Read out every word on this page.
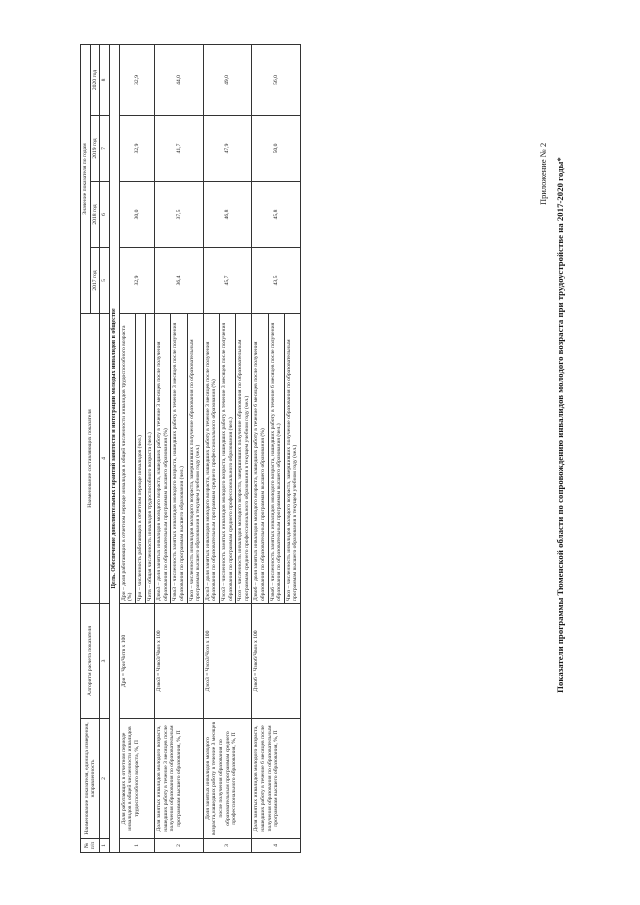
Приложение № 2 Показатели программы Тюменской области по сопровождению инвалидов молодого возраста при трудоустройстве на 2017-2020 годы*
№ п/п	Наименование показателя, единица измерения, направленность	Алгоритм расчета показателя	Наименование составляющих показателя	Значение показателя по годам			
				2017 год	2018 год	2019 год	2020 год
1	2	3	4	5	6	7	8
Цель. Обеспечение дополнительных гарантий занятости и интеграции молодых инвалидов в обществе							
1	Доля работающих в отчетном периоде инвалидов в общей численности инвалидов трудоспособного возраста, %, П	Дри = Чри/Читв х 100	Дри – доля работающих в отчетном периоде инвалидов в общей численности инвалидов трудоспособного возраста (%)	32,9	30,0	32,9	32,9
			Чри – численность работающих в отчетном периоде инвалидов (чел.)				
			Читв – общая численность инвалидов трудоспособного возраста (чел.)				
2	Доля занятых инвалидов молодого возраста, нашедших работу в течение 3 месяцев после получения образования по образовательным программам высшего образования, %, П	Дзво3 = Чзво3/Чвоз х 100	Дзво3 – доля занятых инвалидов молодого возраста, нашедших работу в течение 3 месяцев после получения образования по образовательным программам высшего образования (%)	36,4	37,5	41,7	44,0
			Чзво3 – численность занятых инвалидов молодого возраста, нашедших работу в течение 3 месяцев после получения образования по программам высшего образования (чел.)				
			Чвоз – численность инвалидов молодого возраста, завершивших получение образования по образовательным программам высшего образования в текущем учебном году (чел.)				
3	Доля занятых инвалидов молодого возраста,нашедших работу в течение 3 месяцев после получения образования по образовательным программам среднего профессионального образования, %, П	Дзсо3 = Чзсо3/Чсоз х 100	Дзсо3 – доля занятых инвалидов молодого возраста, нашедших работу в течение 3 месяцев после получения образования по образовательным программам среднего профессионального образования (%)	45,7	46,8	47,9	49,0
			Чзсо3 – численность занятых инвалидов молодого возраста, нашедших работу в течение 3 месяцев после получения образования по программам среднего профессионального образования (чел.)				
			Чсоз – численность инвалидов молодого возраста, завершивших получение образования по образовательным программам среднего профессионального образования в текущем учебном году (чел.)				
4	Доля занятых инвалидов молодого возраста, нашедших работу в течение 6 месяцев после получения образования по образовательным программам высшего образования, %, П	Дзво6 = Чзво6/Чвоз х 100	Дзво6 – доля занятых инвалидов молодого возраста, нашедших работу в течение 6 месяцев после получения образования по образовательным программам высшего образования (%)	43,5	45,8	50,0	56,0
			Чзво6 – численность занятых инвалидов молодого возраста, нашедших работу в течение 6 месяцев после получения образования по образовательным программам высшего образования (чел.)				
			Чвоз – численность инвалидов молодого возраста, завершивших получение образования по образовательным программам высшего образования в текущем учебном году (чел.)				
